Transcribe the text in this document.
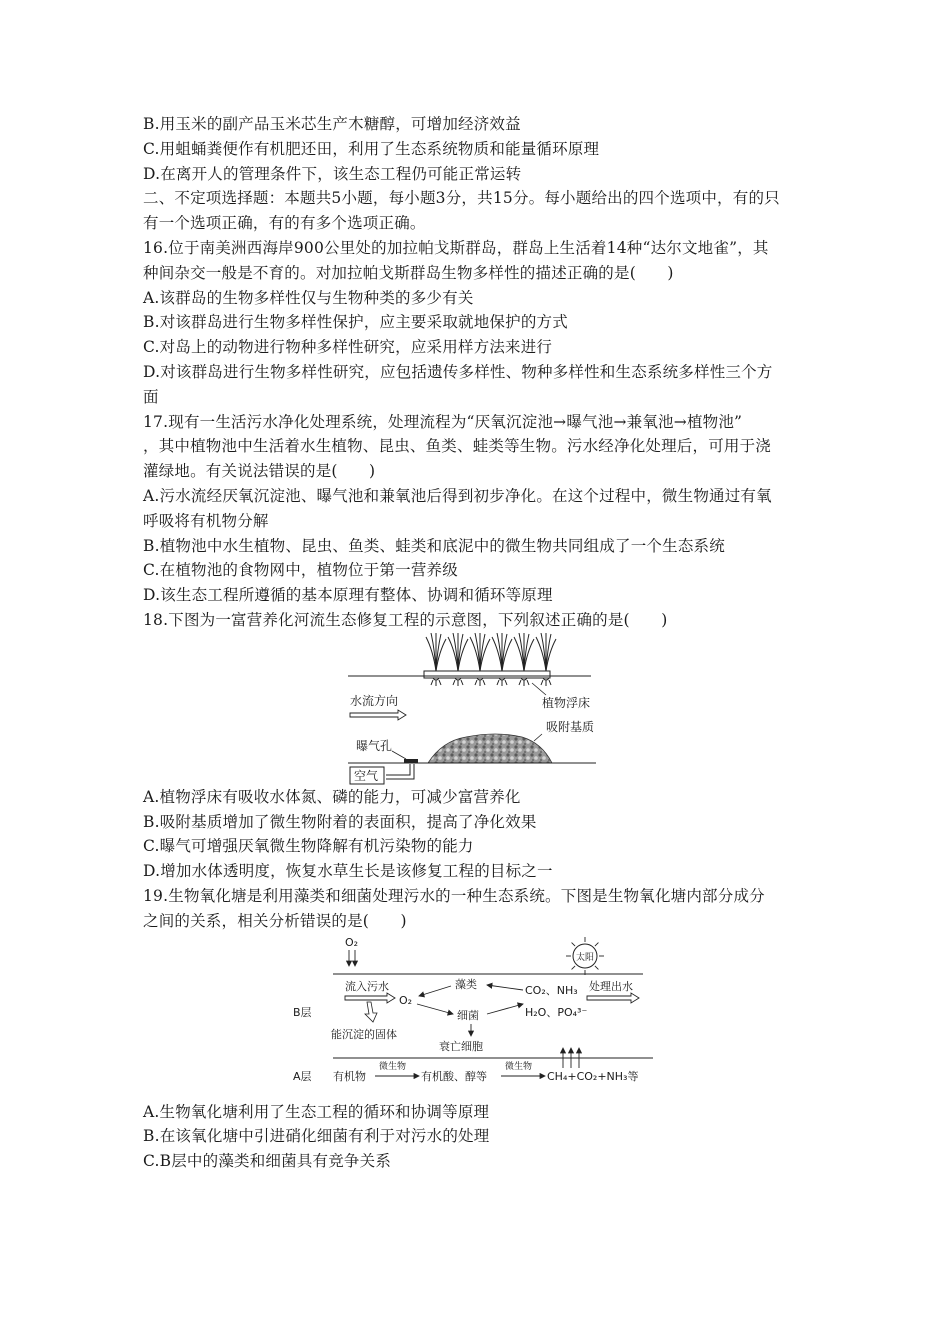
B.用玉米的副产品玉米芯生产木糖醇，可增加经济效益
C.用蛆蛹粪便作有机肥还田，利用了生态系统物质和能量循环原理
D.在离开人的管理条件下，该生态工程仍可能正常运转
二、不定项选择题：本题共5小题，每小题3分，共15分。每小题给出的四个选项中，有的只
有一个选项正确，有的有多个选项正确。
16.位于南美洲西海岸900公里处的加拉帕戈斯群岛，群岛上生活着14种“达尔文地雀”，其
种间杂交一般是不育的。对加拉帕戈斯群岛生物多样性的描述正确的是(　　)
A.该群岛的生物多样性仅与生物种类的多少有关
B.对该群岛进行生物多样性保护，应主要采取就地保护的方式
C.对岛上的动物进行物种多样性研究，应采用样方法来进行
D.对该群岛进行生物多样性研究，应包括遗传多样性、物种多样性和生态系统多样性三个方
面
17.现有一生活污水净化处理系统，处理流程为“厌氧沉淀池→曝气池→兼氧池→植物池”
，其中植物池中生活着水生植物、昆虫、鱼类、蛙类等生物。污水经净化处理后，可用于浇
灌绿地。有关说法错误的是(　　)
A.污水流经厌氧沉淀池、曝气池和兼氧池后得到初步净化。在这个过程中，微生物通过有氧
呼吸将有机物分解
B.植物池中水生植物、昆虫、鱼类、蛙类和底泥中的微生物共同组成了一个生态系统
C.在植物池的食物网中，植物位于第一营养级
D.该生态工程所遵循的基本原理有整体、协调和循环等原理
18.下图为一富营养化河流生态修复工程的示意图，下列叙述正确的是(　　)
植物浮床
水流方向
吸附基质
曝气孔
空气
A.植物浮床有吸收水体氮、磷的能力，可减少富营养化
B.吸附基质增加了微生物附着的表面积，提高了净化效果
C.曝气可增强厌氧微生物降解有机污染物的能力
D.增加水体透明度，恢复水草生长是该修复工程的目标之一
19.生物氧化塘是利用藻类和细菌处理污水的一种生态系统。下图是生物氧化塘内部分成分
之间的关系，相关分析错误的是(　　)
O₂
太阳
流入污水
O₂
藻类	CO₂、NH₃ 处理出水
细菌	H₂O、PO₄³⁻
B层
能沉淀的固体
衰亡细胞
A层 有机物
微生物
有机酸、醇等
微生物
CH₄+CO₂+NH₃等
A.生物氧化塘利用了生态工程的循环和协调等原理
B.在该氧化塘中引进硝化细菌有利于对污水的处理
C.B层中的藻类和细菌具有竞争关系
